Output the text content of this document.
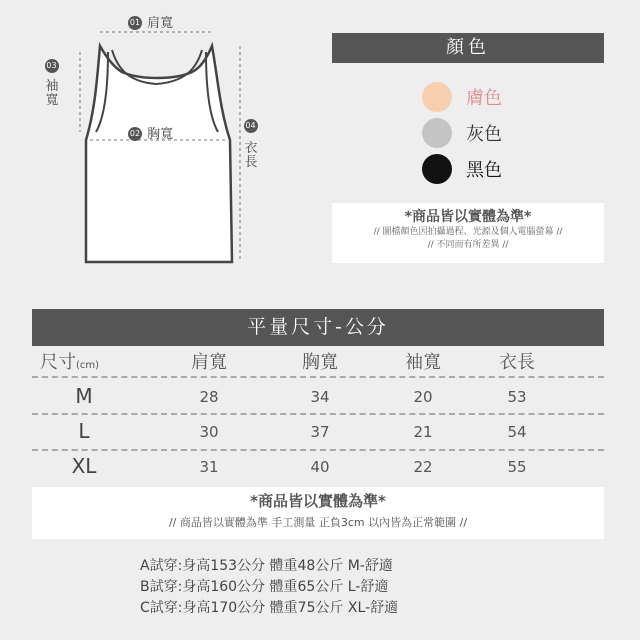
01 肩寬
02 胸寬
03
袖寬
04
衣長
顏色
膚色
灰色
黑色
*商品皆以實體為準*
// 圖檔顏色因拍攝過程、光源及個人電腦螢幕 //
// 不同而有所差異 //
平量尺寸-公分
尺寸(cm)	肩寬	胸寬	袖寬	衣長
M	28	34	20	53
L	30	37	21	54
XL	31	40	22	55
*商品皆以實體為準*
// 商品皆以實體為準 手工測量 正負3cm 以內皆為正常範圍 //
A試穿:身高153公分 體重48公斤 M-舒適
B試穿:身高160公分 體重65公斤 L-舒適
C試穿:身高170公分 體重75公斤 XL-舒適
